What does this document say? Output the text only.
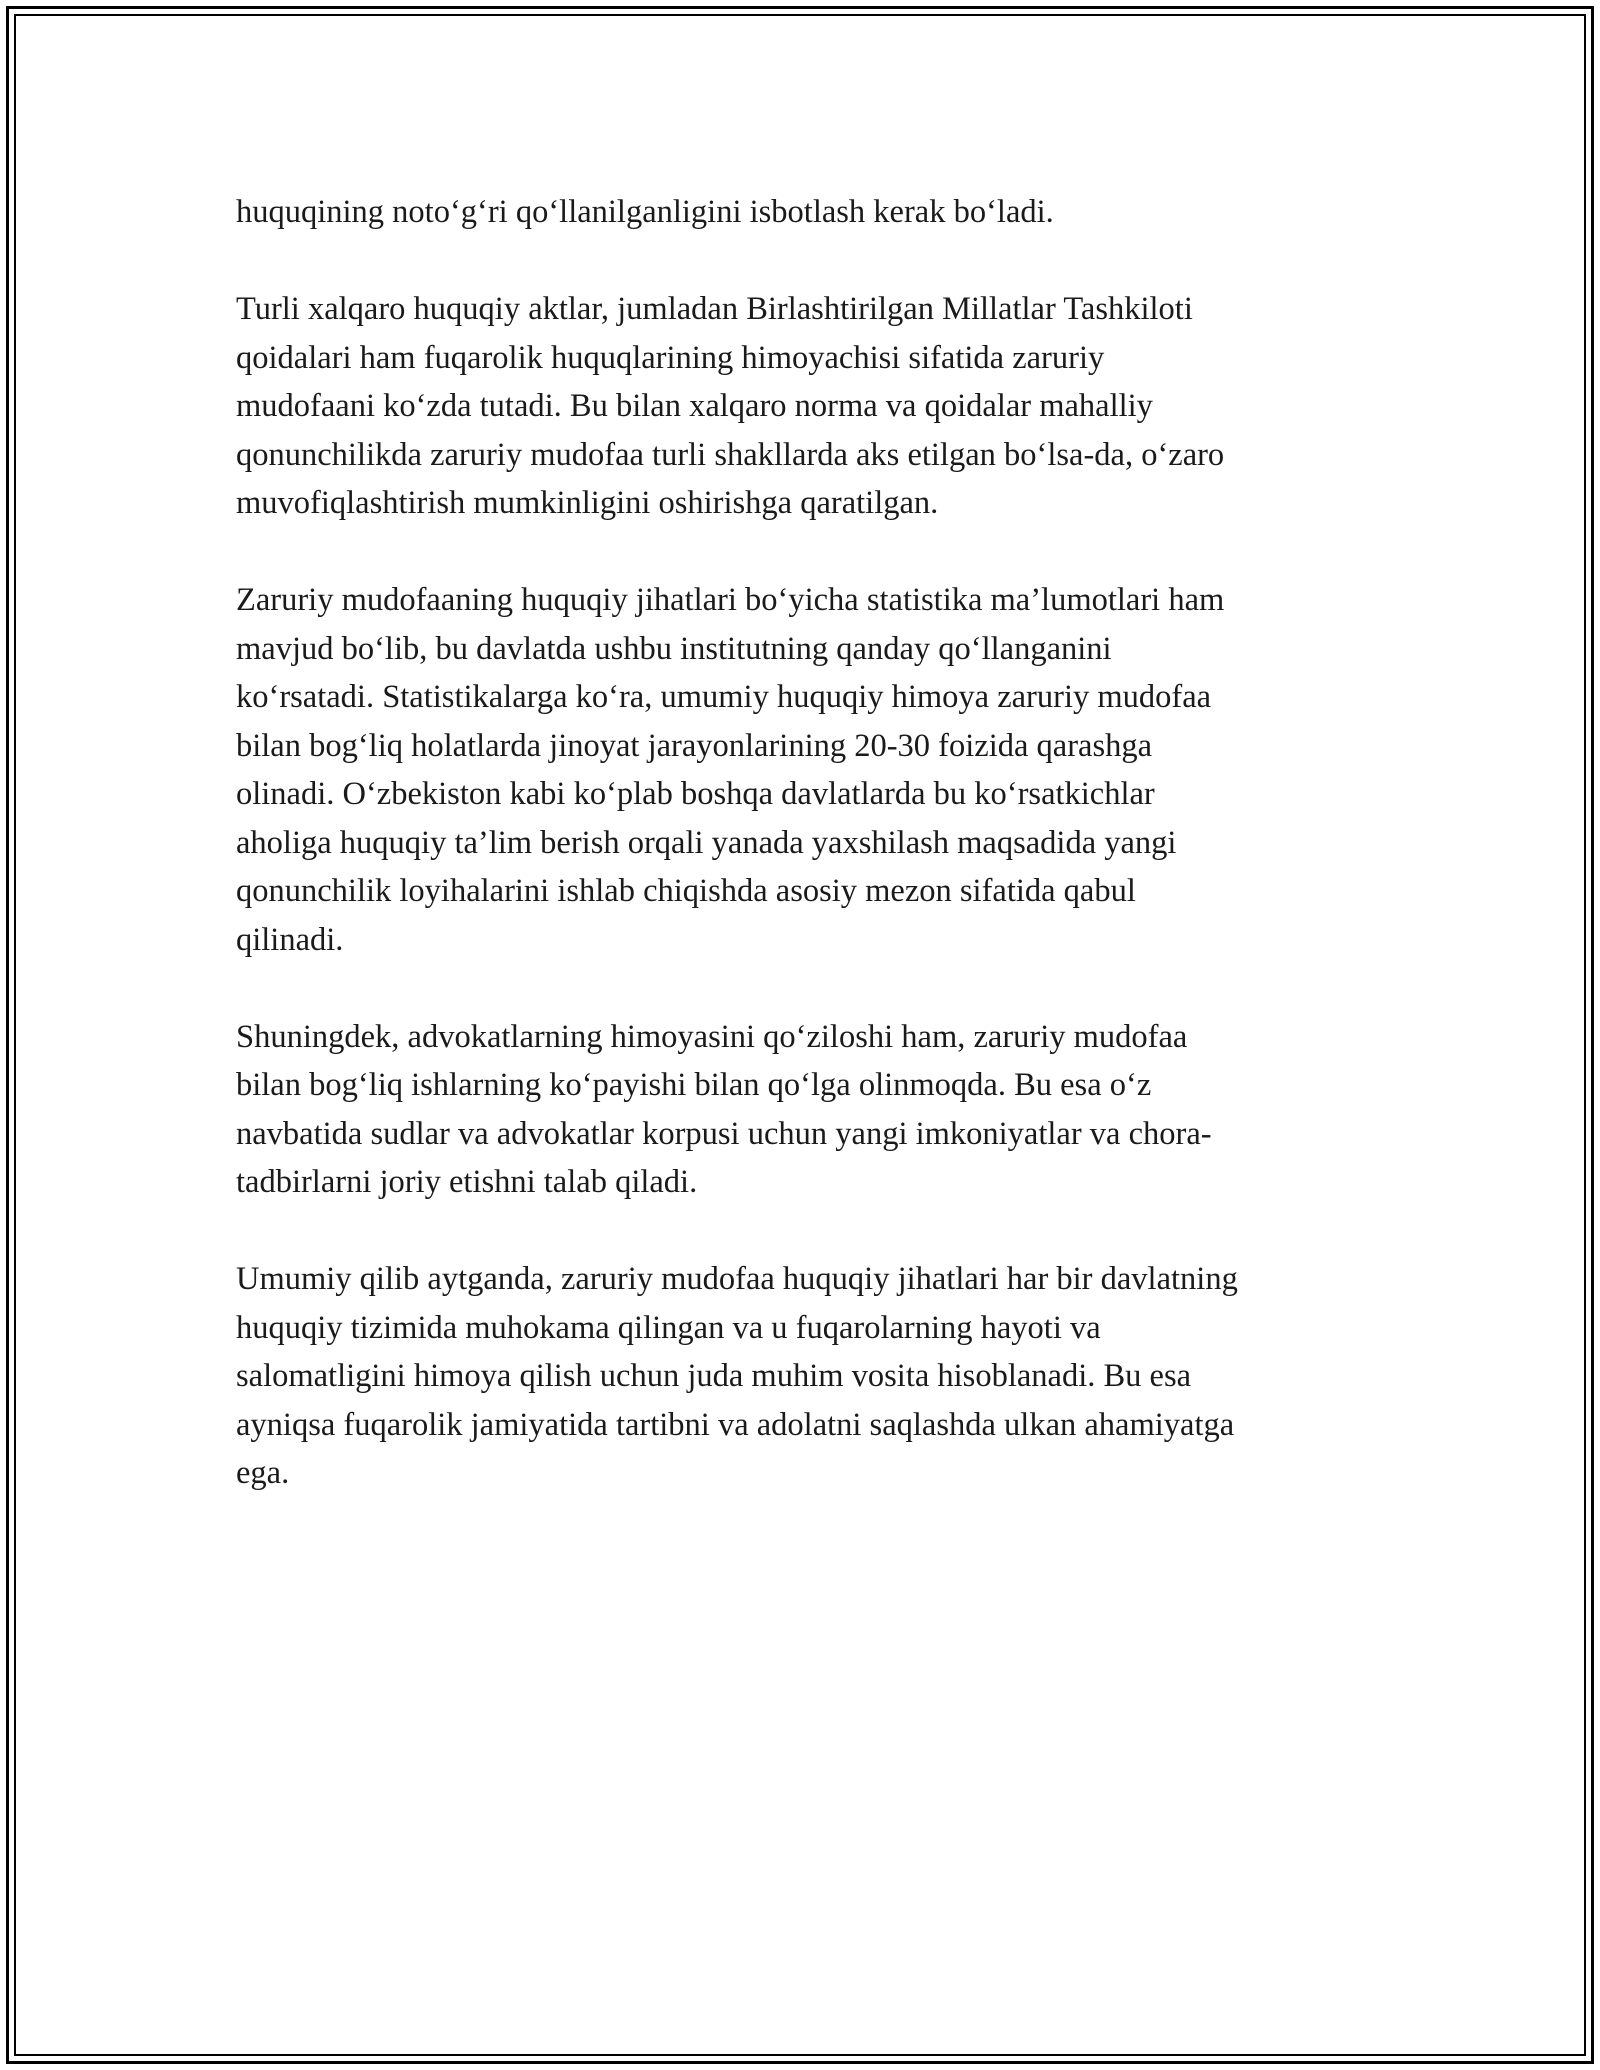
huquqining noto‘g‘ri qo‘llanilganligini isbotlash kerak bo‘ladi.

Turli xalqaro huquqiy aktlar, jumladan Birlashtirilgan Millatlar Tashkiloti
qoidalari ham fuqarolik huquqlarining himoyachisi sifatida zaruriy
mudofaani ko‘zda tutadi. Bu bilan xalqaro norma va qoidalar mahalliy
qonunchilikda zaruriy mudofaa turli shakllarda aks etilgan bo‘lsa-da, o‘zaro
muvofiqlashtirish mumkinligini oshirishga qaratilgan.

Zaruriy mudofaaning huquqiy jihatlari bo‘yicha statistika ma’lumotlari ham
mavjud bo‘lib, bu davlatda ushbu institutning qanday qo‘llanganini
ko‘rsatadi. Statistikalarga ko‘ra, umumiy huquqiy himoya zaruriy mudofaa
bilan bog‘liq holatlarda jinoyat jarayonlarining 20-30 foizida qarashga
olinadi. O‘zbekiston kabi ko‘plab boshqa davlatlarda bu ko‘rsatkichlar
aholiga huquqiy ta’lim berish orqali yanada yaxshilash maqsadida yangi
qonunchilik loyihalarini ishlab chiqishda asosiy mezon sifatida qabul
qilinadi.

Shuningdek, advokatlarning himoyasini qo‘ziloshi ham, zaruriy mudofaa
bilan bog‘liq ishlarning ko‘payishi bilan qo‘lga olinmoqda. Bu esa o‘z
navbatida sudlar va advokatlar korpusi uchun yangi imkoniyatlar va chora-
tadbirlarni joriy etishni talab qiladi.

Umumiy qilib aytganda, zaruriy mudofaa huquqiy jihatlari har bir davlatning
huquqiy tizimida muhokama qilingan va u fuqarolarning hayoti va
salomatligini himoya qilish uchun juda muhim vosita hisoblanadi. Bu esa
ayniqsa fuqarolik jamiyatida tartibni va adolatni saqlashda ulkan ahamiyatga
ega.
